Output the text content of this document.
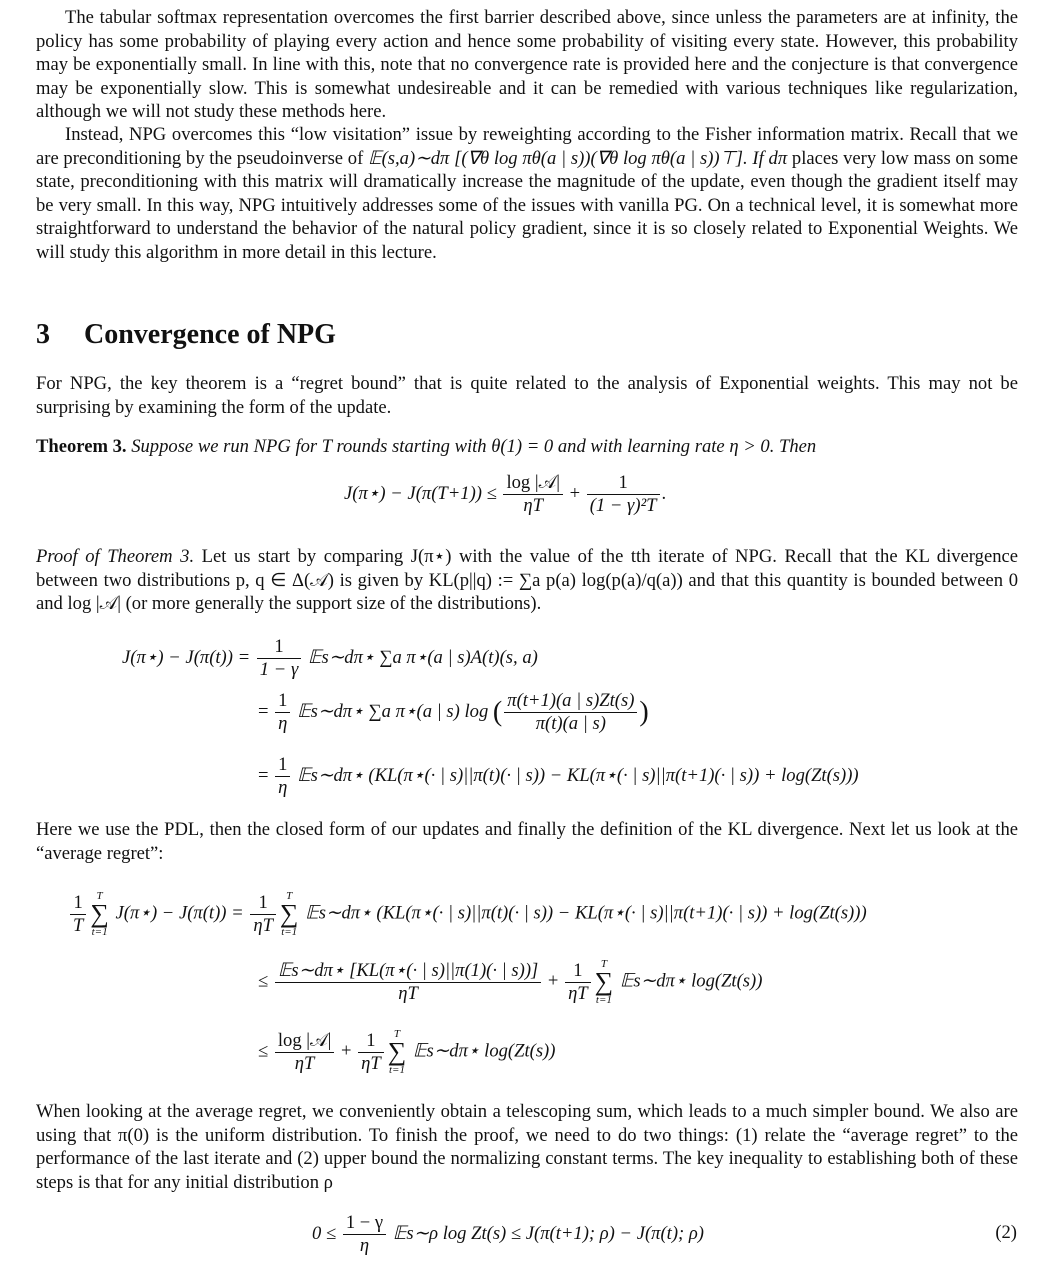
The tabular softmax representation overcomes the first barrier described above, since unless the parameters are at infinity, the policy has some probability of playing every action and hence some probability of visiting every state. However, this probability may be exponentially small. In line with this, note that no convergence rate is provided here and the conjecture is that convergence may be exponentially slow. This is somewhat undesireable and it can be remedied with various techniques like regularization, although we will not study these methods here.

Instead, NPG overcomes this “low visitation” issue by reweighting according to the Fisher information matrix. Recall that we are preconditioning by the pseudoinverse of 𝔼(s,a)∼dπ [(∇θ log πθ(a | s))(∇θ log πθ(a | s))⊤]. If dπ places very low mass on some state, preconditioning with this matrix will dramatically increase the magnitude of the update, even though the gradient itself may be very small. In this way, NPG intuitively addresses some of the issues with vanilla PG. On a technical level, it is somewhat more straightforward to understand the behavior of the natural policy gradient, since it is so closely related to Exponential Weights. We will study this algorithm in more detail in this lecture.

3 Convergence of NPG

For NPG, the key theorem is a “regret bound” that is quite related to the analysis of Exponential weights. This may not be surprising by examining the form of the update.

Theorem 3. Suppose we run NPG for T rounds starting with θ(1) = 0 and with learning rate η > 0. Then

J(π⋆) − $J(\pi(T+1)) \le \frac{\text{log |𝒜|}}{\eta T} + \frac{1}{\text{(1 − γ)²T}}$ .

Proof of Theorem 3. Let us start by comparing J(π⋆) with the value of the tth iterate of NPG. Recall that the KL divergence between two distributions p, q ∈ Δ(𝒜) is given by KL(p||q) := ∑a p(a) log(p(a)/q(a)) and that this quantity is bounded between 0 and log |𝒜| (or more generally the support size of the distributions).

J(π⋆) − $J(\pi(t)) = \frac{1}{1 - \gamma}$ 𝔼s∼dπ⋆ ∑a π⋆(a | s)A(t)(s, a)
= $\frac{1}{\eta}$ 𝔼s∼dπ⋆ ∑a π⋆(a | s) log ( $\frac{\pi(t+1)(a | s)Zt(s)}{\pi(t)(a | s)}$ )
= $\frac{1}{\eta}$ 𝔼s∼dπ⋆ (KL(π⋆(· | s)||π(t)(· | s)) − KL(π⋆(· | s)||π(t+1)(· | s)) + log(Zt(s)))

Here we use the PDL, then the closed form of our updates and finally the definition of the KL divergence. Next let us look at the “average regret”:

$\frac{1}{T}$ T
∑
t=1
J(π⋆) − $J(\pi(t)) = \frac{1}{\eta T}$ T
∑
t=1
𝔼s∼dπ⋆ (KL(π⋆(· | s)||π(t)(· | s)) − KL(π⋆(· | s)||π(t+1)(· | s)) + log(Zt(s)))
≤ $\frac{\text{𝔼s∼dπ⋆ [KL(π⋆(· | s)||π(1)(· | s))]}}{\eta T} + \frac{1}{\eta T}$ T
∑
t=1
𝔼s∼dπ⋆ log(Zt(s))
≤ $\frac{\text{log |𝒜|}}{\eta T} + \frac{1}{\eta T}$ T
∑
t=1
𝔼s∼dπ⋆ log(Zt(s))

When looking at the average regret, we conveniently obtain a telescoping sum, which leads to a much simpler bound. We also are using that π(0) is the uniform distribution. To finish the proof, we need to do two things: (1) relate the “average regret” to the performance of the last iterate and (2) upper bound the normalizing constant terms. The key inequality to establishing both of these steps is that for any initial distribution ρ

$0 \le \frac{1 - \gamma}{\eta}$ 𝔼s∼ρ log Zt(s) ≤ J(π(t+1); ρ) − J(π(t); ρ)	(2)
